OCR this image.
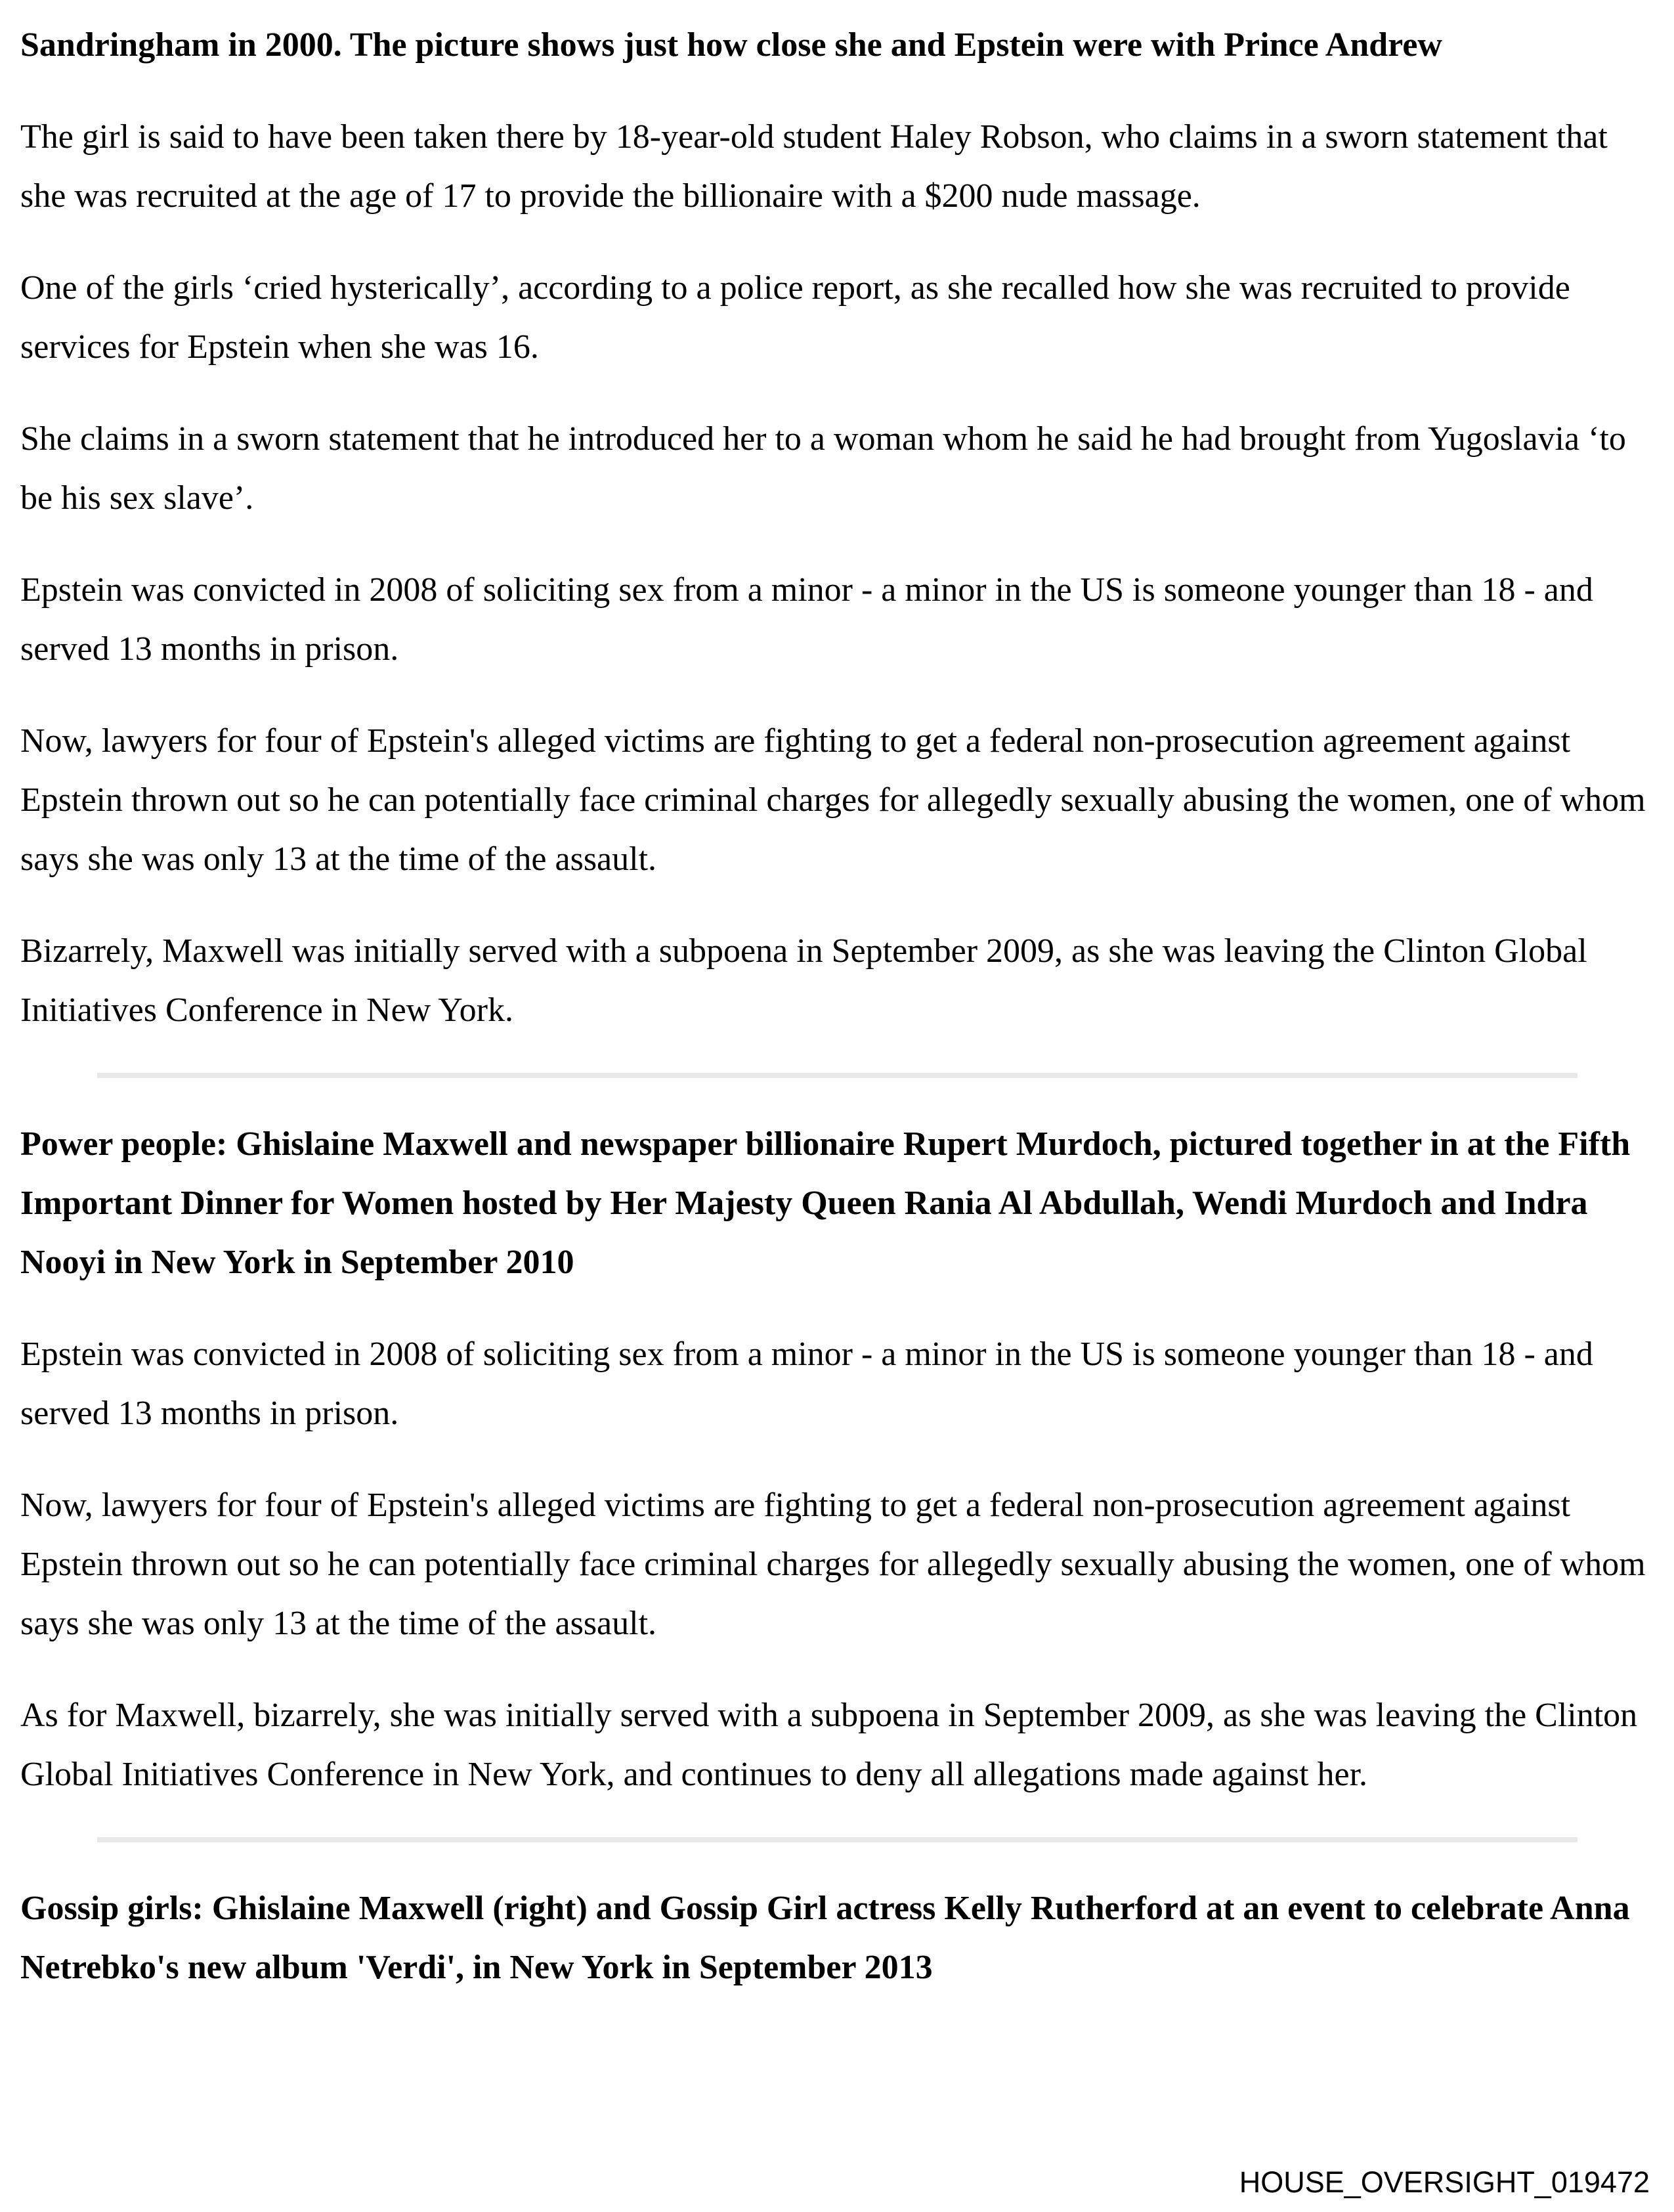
Sandringham in 2000. The picture shows just how close she and Epstein were with Prince Andrew

The girl is said to have been taken there by 18-year-old student Haley Robson, who claims in a sworn statement that she was recruited at the age of 17 to provide the billionaire with a $200 nude massage.

One of the girls ‘cried hysterically’, according to a police report, as she recalled how she was recruited to provide services for Epstein when she was 16.

She claims in a sworn statement that he introduced her to a woman whom he said he had brought from Yugoslavia ‘to be his sex slave’.

Epstein was convicted in 2008 of soliciting sex from a minor - a minor in the US is someone younger than 18 - and served 13 months in prison.

Now, lawyers for four of Epstein's alleged victims are fighting to get a federal non-prosecution agreement against Epstein thrown out so he can potentially face criminal charges for allegedly sexually abusing the women, one of whom says she was only 13 at the time of the assault.

Bizarrely, Maxwell was initially served with a subpoena in September 2009, as she was leaving the Clinton Global Initiatives Conference in New York.

Power people: Ghislaine Maxwell and newspaper billionaire Rupert Murdoch, pictured together in at the Fifth Important Dinner for Women hosted by Her Majesty Queen Rania Al Abdullah, Wendi Murdoch and Indra Nooyi in New York in September 2010

Epstein was convicted in 2008 of soliciting sex from a minor - a minor in the US is someone younger than 18 - and served 13 months in prison.

Now, lawyers for four of Epstein's alleged victims are fighting to get a federal non-prosecution agreement against Epstein thrown out so he can potentially face criminal charges for allegedly sexually abusing the women, one of whom says she was only 13 at the time of the assault.

As for Maxwell, bizarrely, she was initially served with a subpoena in September 2009, as she was leaving the Clinton Global Initiatives Conference in New York, and continues to deny all allegations made against her.

Gossip girls: Ghislaine Maxwell (right) and Gossip Girl actress Kelly Rutherford at an event to celebrate Anna Netrebko's new album 'Verdi', in New York in September 2013
HOUSE_OVERSIGHT_019472
